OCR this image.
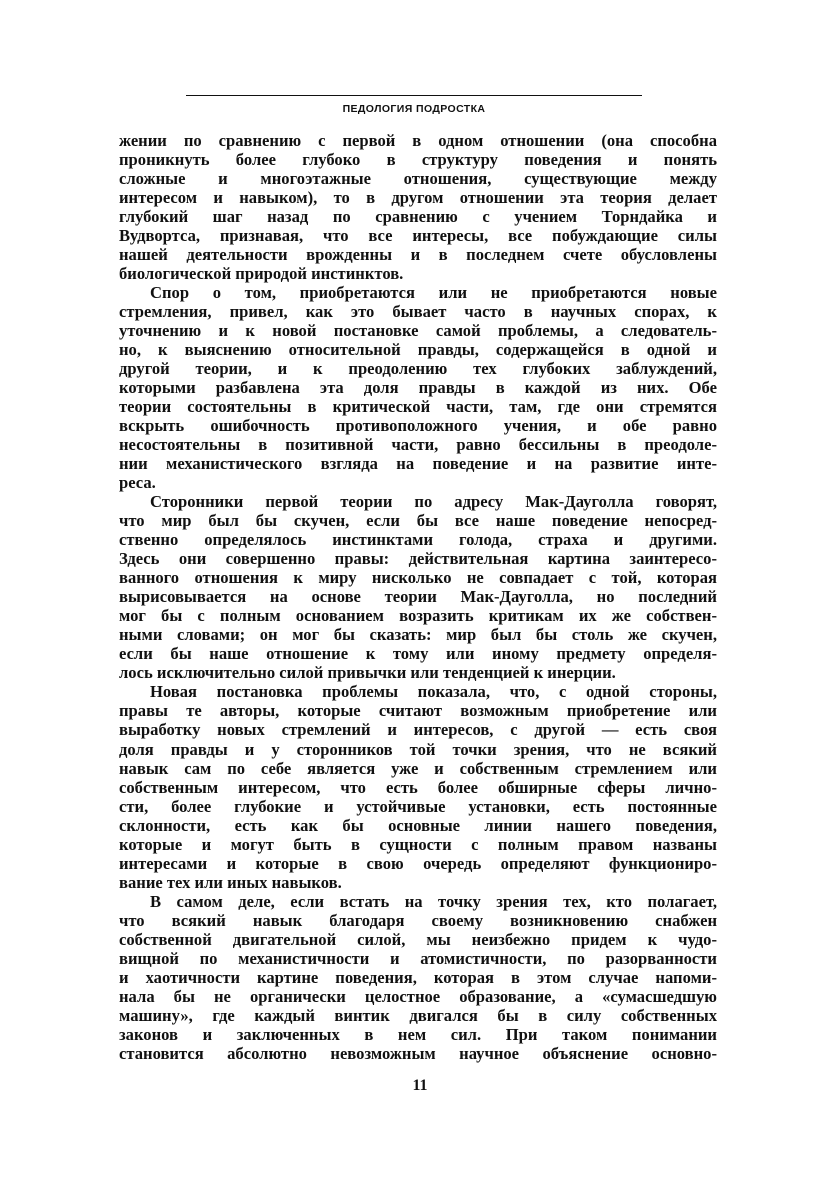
ПЕДОЛОГИЯ ПОДРОСТКА
жении по сравнению с первой в одном отношении (она способна
проникнуть более глубоко в структуру поведения и понять
сложные и многоэтажные отношения, существующие между
интересом и навыком), то в другом отношении эта теория делает
глубокий шаг назад по сравнению с учением Торндайка и
Вудвортса, признавая, что все интересы, все побуждающие силы
нашей деятельности врожденны и в последнем счете обусловлены
биологической природой инстинктов.
Спор о том, приобретаются или не приобретаются новые
стремления, привел, как это бывает часто в научных спорах, к
уточнению и к новой постановке самой проблемы, а следователь-
но, к выяснению относительной правды, содержащейся в одной и
другой теории, и к преодолению тех глубоких заблуждений,
которыми разбавлена эта доля правды в каждой из них. Обе
теории состоятельны в критической части, там, где они стремятся
вскрыть ошибочность противоположного учения, и обе равно
несостоятельны в позитивной части, равно бессильны в преодоле-
нии механистического взгляда на поведение и на развитие инте-
реса.
Сторонники первой теории по адресу Мак-Дауголла говорят,
что мир был бы скучен, если бы все наше поведение непосред-
ственно определялось инстинктами голода, страха и другими.
Здесь они совершенно правы: действительная картина заинтересо-
ванного отношения к миру нисколько не совпадает с той, которая
вырисовывается на основе теории Мак-Дауголла, но последний
мог бы с полным основанием возразить критикам их же собствен-
ными словами; он мог бы сказать: мир был бы столь же скучен,
если бы наше отношение к тому или иному предмету определя-
лось исключительно силой привычки или тенденцией к инерции.
Новая постановка проблемы показала, что, с одной стороны,
правы те авторы, которые считают возможным приобретение или
выработку новых стремлений и интересов, с другой — есть своя
доля правды и у сторонников той точки зрения, что не всякий
навык сам по себе является уже и собственным стремлением или
собственным интересом, что есть более обширные сферы лично-
сти, более глубокие и устойчивые установки, есть постоянные
склонности, есть как бы основные линии нашего поведения,
которые и могут быть в сущности с полным правом названы
интересами и которые в свою очередь определяют функциониро-
вание тех или иных навыков.
В самом деле, если встать на точку зрения тех, кто полагает,
что всякий навык благодаря своему возникновению снабжен
собственной двигательной силой, мы неизбежно придем к чудо-
вищной по механистичности и атомистичности, по разорванности
и хаотичности картине поведения, которая в этом случае напоми-
нала бы не органически целостное образование, а «сумасшедшую
машину», где каждый винтик двигался бы в силу собственных
законов и заключенных в нем сил. При таком понимании
становится абсолютно невозможным научное объяснение основно-
11
